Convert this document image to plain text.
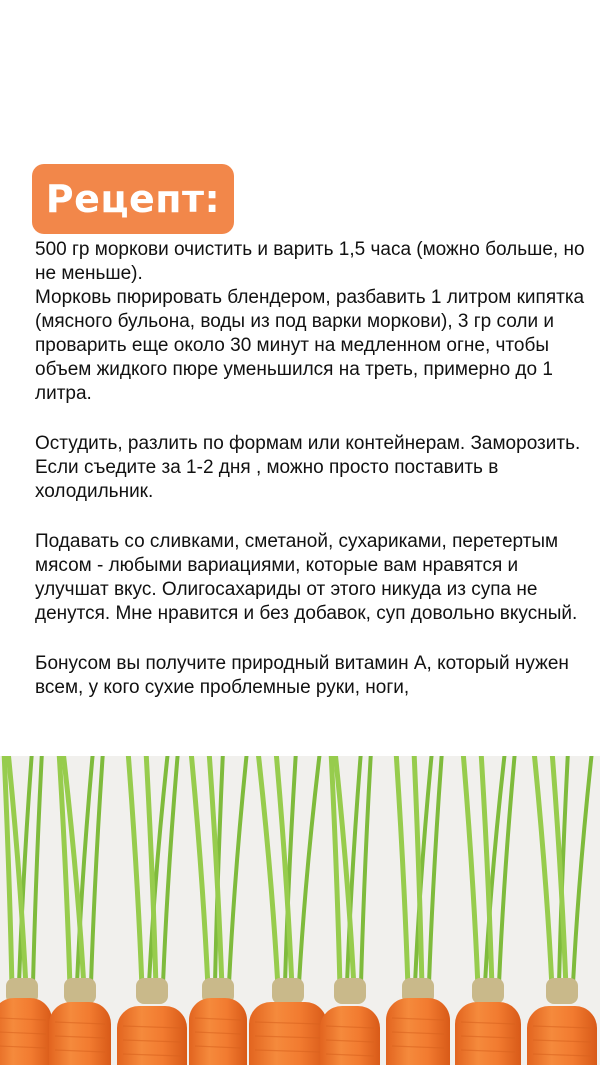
Рецепт:

500 гр моркови очистить и варить 1,5 часа (можно больше, но не меньше).

Морковь пюрировать блендером, разбавить 1 литром кипятка (мясного бульона, воды из под варки моркови), 3 гр соли и проварить еще около 30 минут на медленном огне, чтобы объем жидкого пюре уменьшился на треть, примерно до 1 литра.

Остудить, разлить по формам или контейнерам. Заморозить.

Если съедите за 1-2 дня , можно просто поставить в холодильник.

Подавать со сливками, сметаной, сухариками, перетертым мясом - любыми вариациями, которые вам нравятся и улучшат вкус. Олигосахариды от этого никуда из супа не денутся. Мне нравится и без добавок, суп довольно вкусный.

Бонусом вы получите природный витамин А, который нужен всем, у кого сухие проблемные руки, ноги,
